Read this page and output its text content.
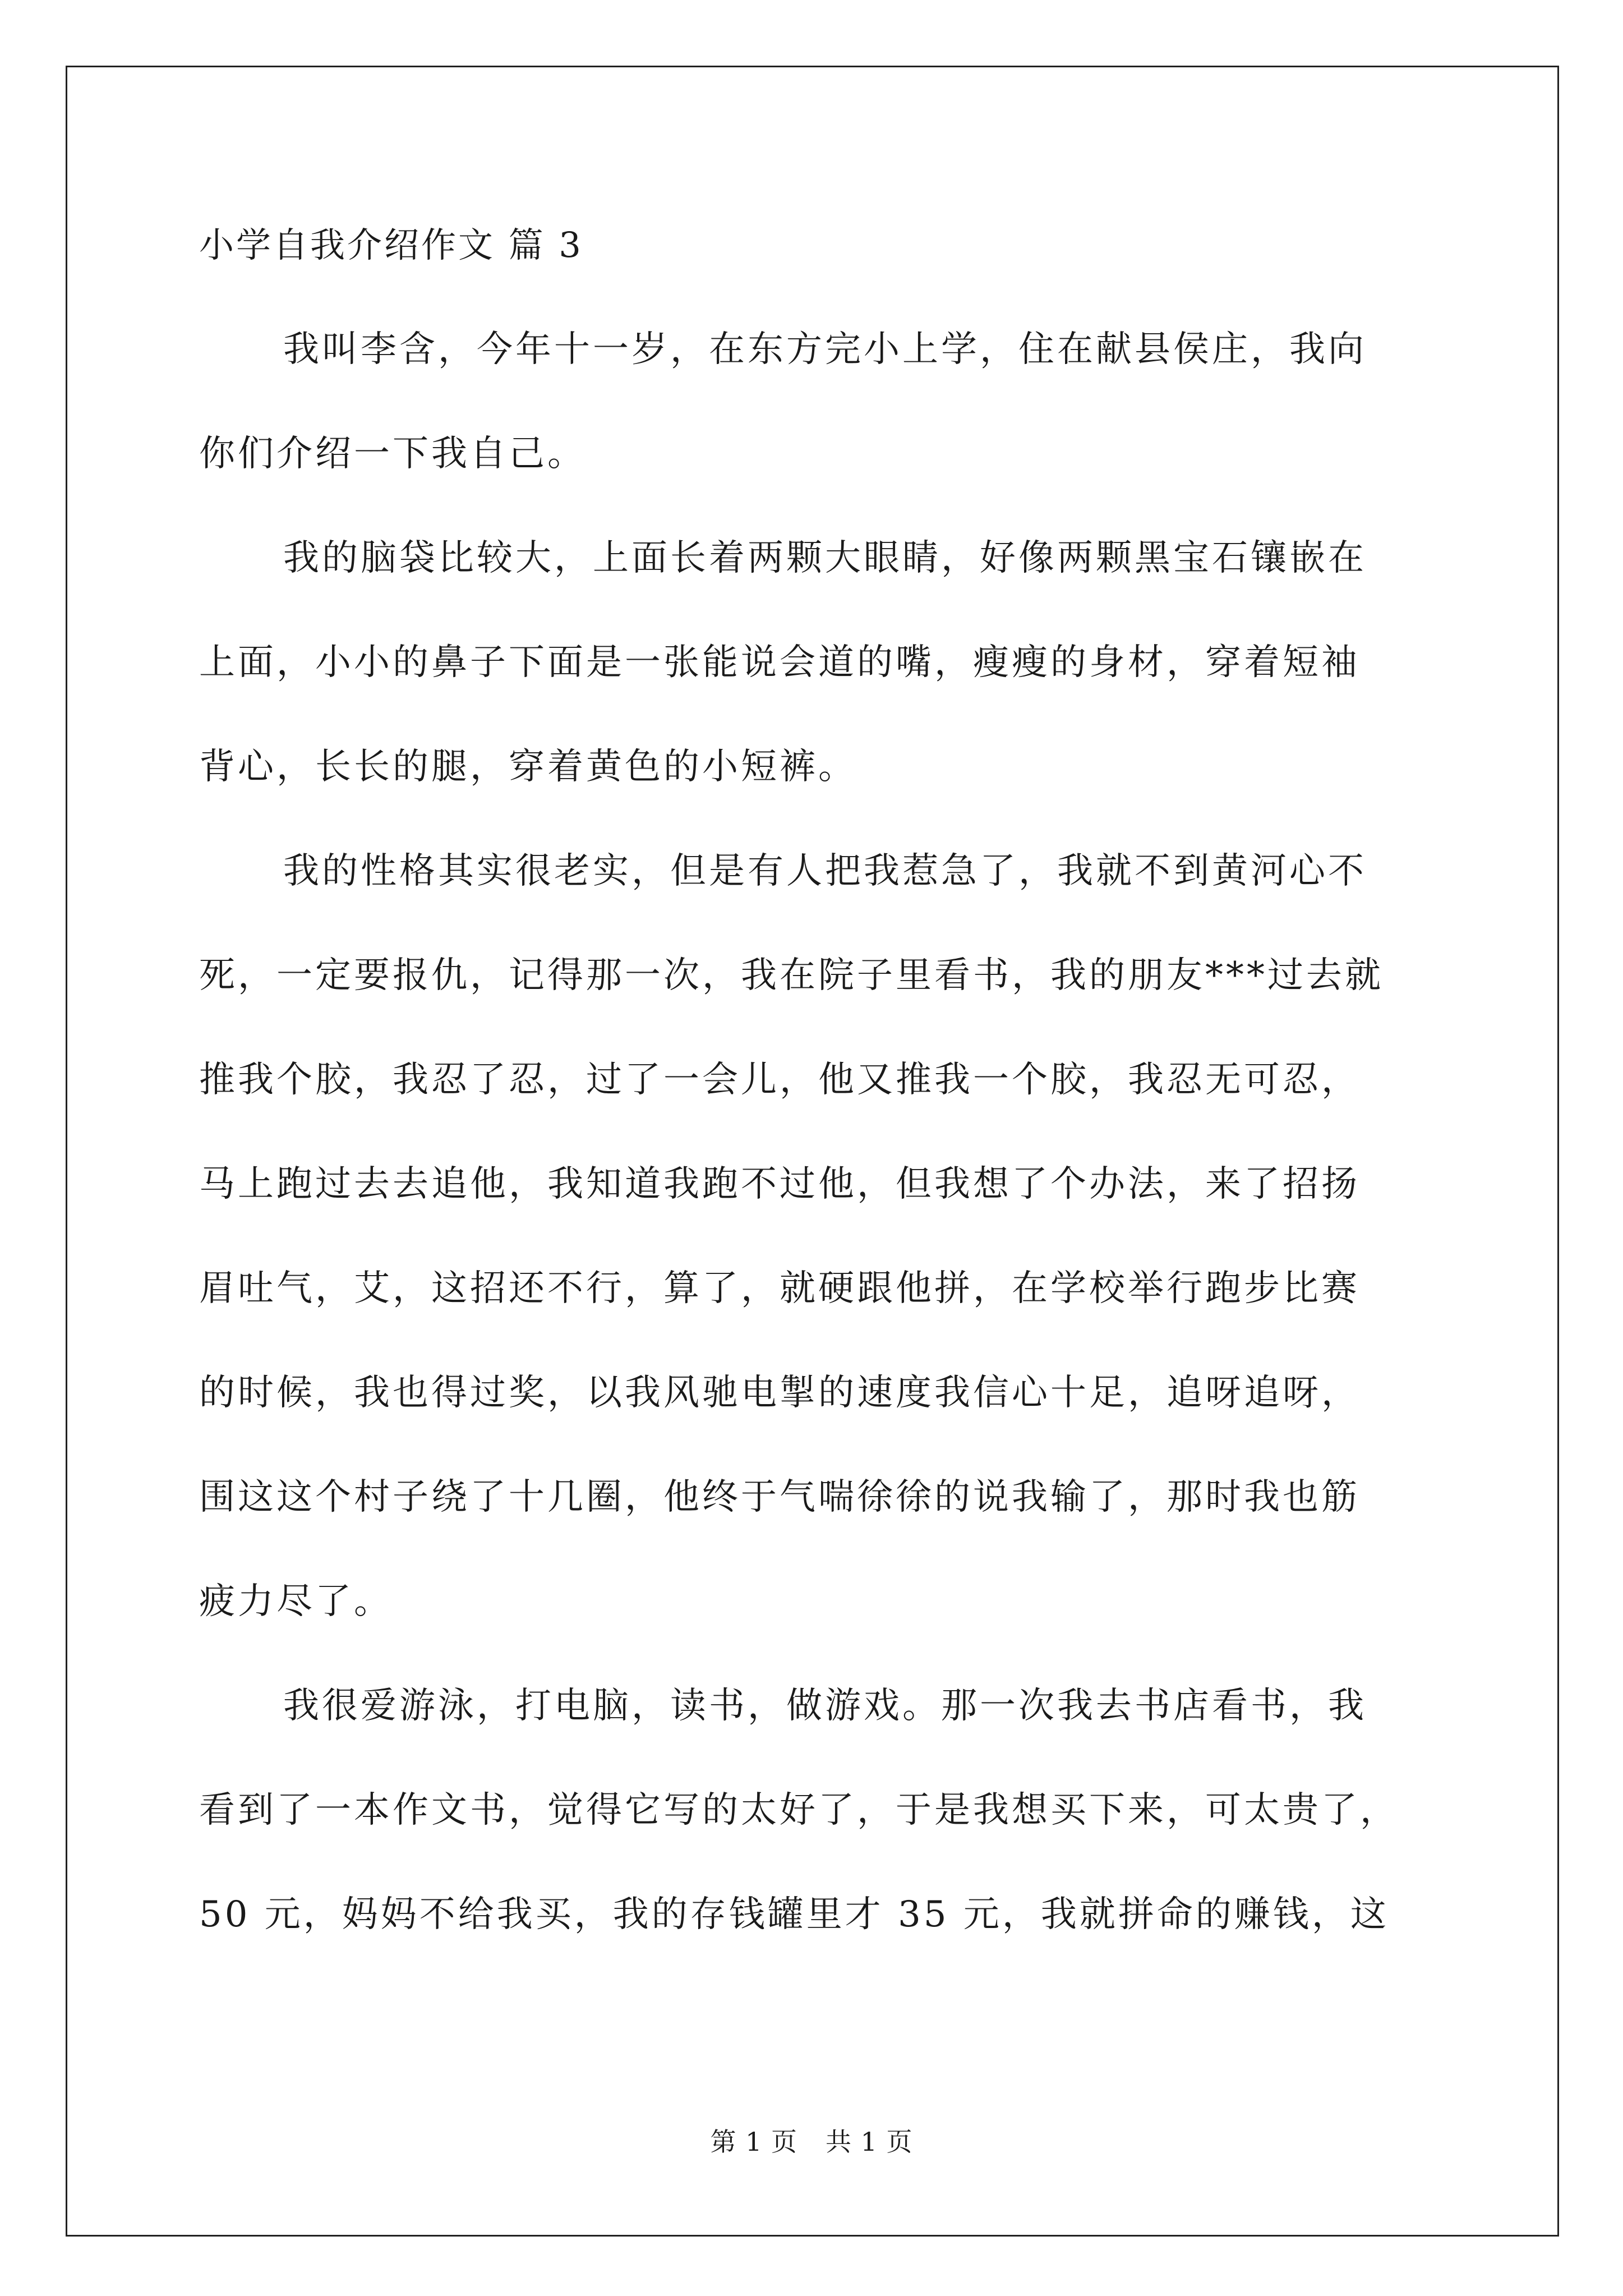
小学自我介绍作文 篇 3

我叫李含，今年十一岁，在东方完小上学，住在献县侯庄，我向
你们介绍一下我自己。

我的脑袋比较大，上面长着两颗大眼睛，好像两颗黑宝石镶嵌在
上面，小小的鼻子下面是一张能说会道的嘴，瘦瘦的身材，穿着短袖
背心，长长的腿，穿着黄色的小短裤。

我的性格其实很老实，但是有人把我惹急了，我就不到黄河心不
死，一定要报仇，记得那一次，我在院子里看书，我的朋友***过去就
推我个胶，我忍了忍，过了一会儿，他又推我一个胶，我忍无可忍，
马上跑过去去追他，我知道我跑不过他，但我想了个办法，来了招扬
眉吐气，艾，这招还不行，算了，就硬跟他拼，在学校举行跑步比赛
的时候，我也得过奖，以我风驰电掣的速度我信心十足，追呀追呀，
围这这个村子绕了十几圈，他终于气喘徐徐的说我输了，那时我也筋
疲力尽了。

我很爱游泳，打电脑，读书，做游戏。那一次我去书店看书，我
看到了一本作文书，觉得它写的太好了，于是我想买下来，可太贵了，
50 元，妈妈不给我买，我的存钱罐里才 35 元，我就拼命的赚钱，这

第 1 页 共 1 页
